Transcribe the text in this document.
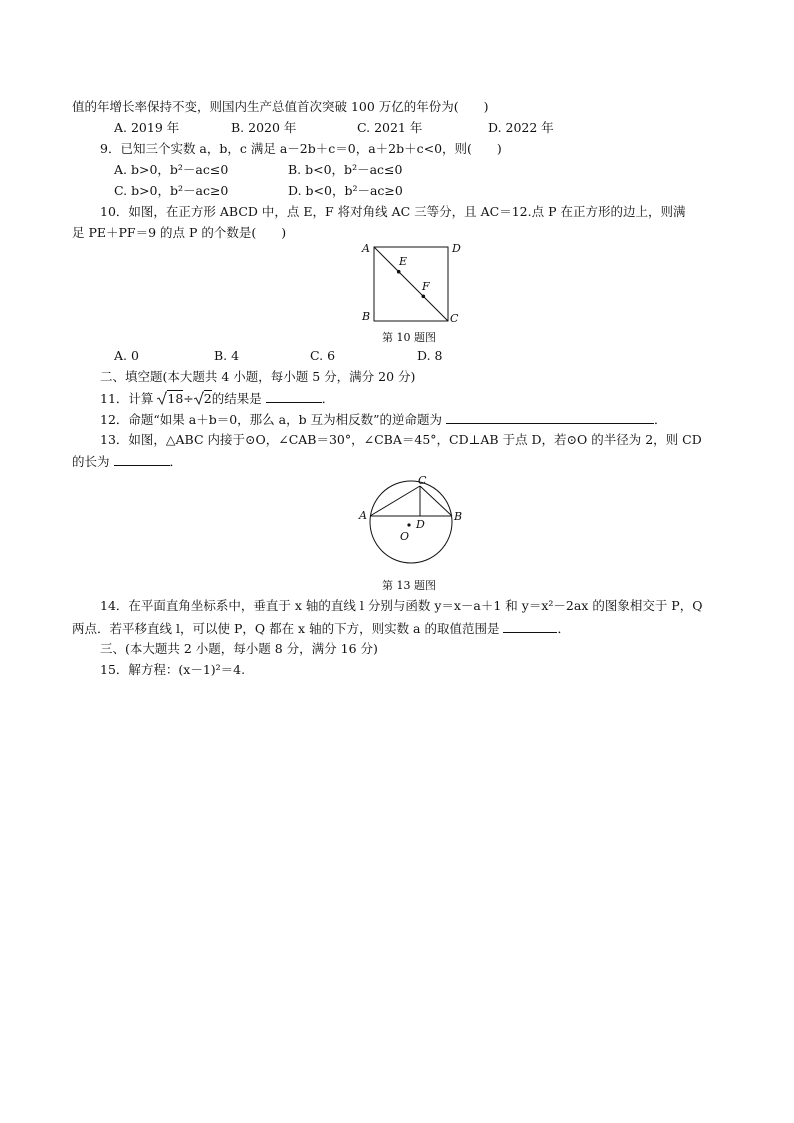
值的年增长率保持不变，则国内生产总值首次突破 100 万亿的年份为(　　)
A. 2019 年	B. 2020 年	C. 2021 年	D. 2022 年
9．已知三个实数 a，b，c 满足 a－2b＋c＝0，a＋2b＋c<0，则(　　)
A. b>0，b²－ac≤0	B. b<0，b²－ac≤0
C. b>0，b²－ac≥0	D. b<0，b²－ac≥0
10．如图，在正方形 ABCD 中，点 E，F 将对角线 AC 三等分，且 AC＝12.点 P 在正方形的边上，则满
足 PE＋PF＝9 的点 P 的个数是(　　)
A	D
B	C
E
F
第 10 题图
A. 0	B. 4	C. 6	D. 8
二、填空题(本大题共 4 小题，每小题 5 分，满分 20 分)
11．计算 18÷ 2的结果是	．
12．命题“如果 a＋b＝0，那么 a，b 互为相反数”的逆命题为	．
13．如图，△ABC 内接于⊙O，∠CAB＝30°，∠CBA＝45°，CD⊥AB 于点 D，若⊙O 的半径为 2，则 CD
的长为	．
A	B
C
D
O
第 13 题图
14．在平面直角坐标系中，垂直于 x 轴的直线 l 分别与函数 y＝x－a＋1 和 y＝x²－2ax 的图象相交于 P，Q
两点．若平移直线 l，可以使 P，Q 都在 x 轴的下方，则实数 a 的取值范围是	．
三、(本大题共 2 小题，每小题 8 分，满分 16 分)
15．解方程：(x－1)²＝4.
